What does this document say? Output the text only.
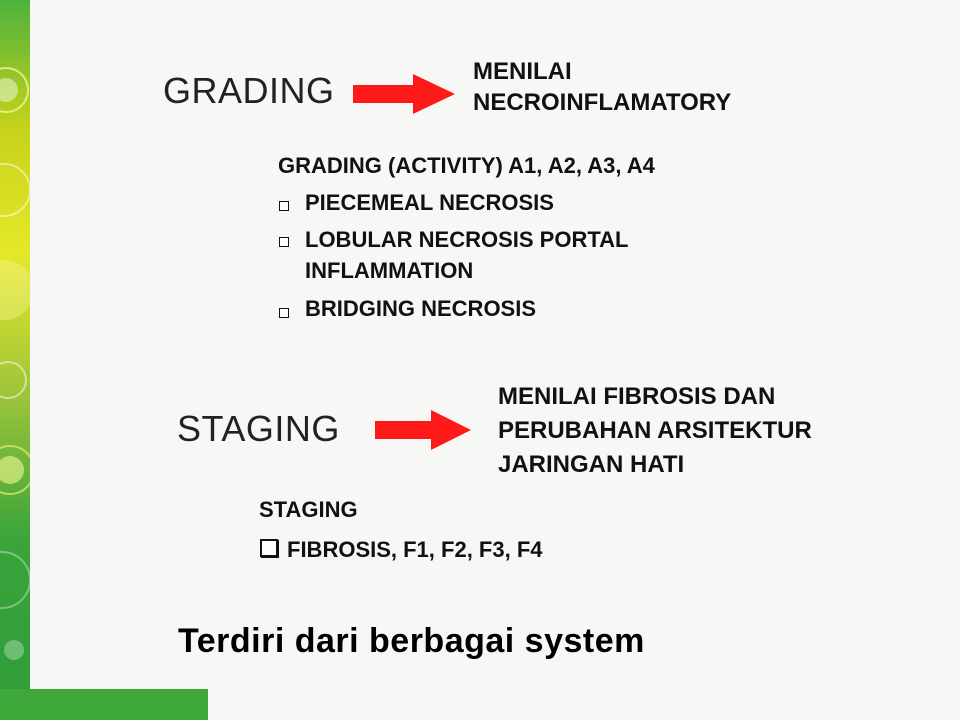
GRADING	MENILAI
NECROINFLAMATORY
GRADING (ACTIVITY) A1, A2, A3, A4
PIECEMEAL NECROSIS
LOBULAR NECROSIS PORTAL
INFLAMMATION
BRIDGING NECROSIS
STAGING
MENILAI FIBROSIS DAN
PERUBAHAN ARSITEKTUR
JARINGAN HATI
STAGING
FIBROSIS, F1, F2, F3, F4
Terdiri dari berbagai system
